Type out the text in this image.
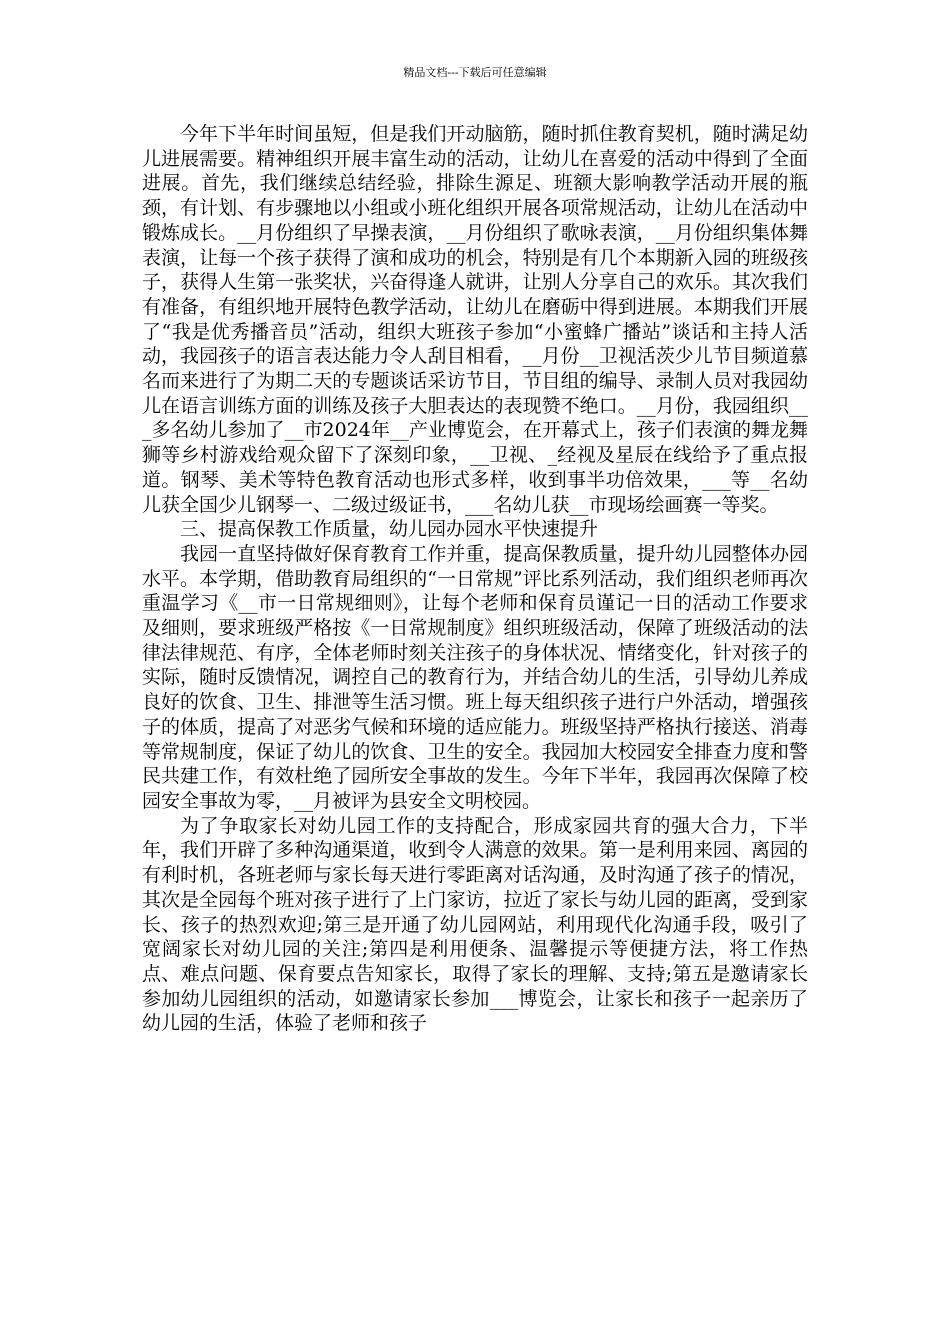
精品文档---下载后可任意编辑

今年下半年时间虽短，但是我们开动脑筋，随时抓住教育契机，随时满足幼儿进展需要。精神组织开展丰富生动的活动，让幼儿在喜爱的活动中得到了全面进展。首先，我们继续总结经验，排除生源足、班额大影响教学活动开展的瓶颈，有计划、有步骤地以小组或小班化组织开展各项常规活动，让幼儿在活动中锻炼成长。__月份组织了早操表演，__月份组织了歌咏表演，__月份组织集体舞表演，让每一个孩子获得了演和成功的机会，特别是有几个本期新入园的班级孩子，获得人生第一张奖状，兴奋得逢人就讲，让别人分享自己的欢乐。其次我们有准备，有组织地开展特色教学活动，让幼儿在磨砺中得到进展。本期我们开展了“我是优秀播音员”活动，组织大班孩子参加“小蜜蜂广播站”谈话和主持人活动，我园孩子的语言表达能力令人刮目相看，__月份__卫视活茨少儿节目频道慕名而来进行了为期二天的专题谈话采访节目，节目组的编导、录制人员对我园幼儿在语言训练方面的训练及孩子大胆表达的表现赞不绝口。__月份，我园组织___多名幼儿参加了__市2024年__产业博览会，在开幕式上，孩子们表演的舞龙舞狮等乡村游戏给观众留下了深刻印象，__卫视、_经视及星辰在线给予了重点报道。钢琴、美术等特色教育活动也形式多样，收到事半功倍效果，___等__名幼儿获全国少儿钢琴一、二级过级证书，___名幼儿获__市现场绘画赛一等奖。

三、提高保教工作质量，幼儿园办园水平快速提升

我园一直坚持做好保育教育工作并重，提高保教质量，提升幼儿园整体办园水平。本学期，借助教育局组织的“一日常规”评比系列活动，我们组织老师再次重温学习《__市一日常规细则》，让每个老师和保育员谨记一日的活动工作要求及细则，要求班级严格按《一日常规制度》组织班级活动，保障了班级活动的法律法律规范、有序，全体老师时刻关注孩子的身体状况、情绪变化，针对孩子的实际，随时反馈情况，调控自己的教育行为，并结合幼儿的生活，引导幼儿养成良好的饮食、卫生、排泄等生活习惯。班上每天组织孩子进行户外活动，增强孩子的体质，提高了对恶劣气候和环境的适应能力。班级坚持严格执行接送、消毒等常规制度，保证了幼儿的饮食、卫生的安全。我园加大校园安全排查力度和警民共建工作，有效杜绝了园所安全事故的发生。今年下半年，我园再次保障了校园安全事故为零，__月被评为县安全文明校园。

为了争取家长对幼儿园工作的支持配合，形成家园共育的强大合力，下半年，我们开辟了多种沟通渠道，收到令人满意的效果。第一是利用来园、离园的有利时机，各班老师与家长每天进行零距离对话沟通，及时沟通了孩子的情况，其次是全园每个班对孩子进行了上门家访，拉近了家长与幼儿园的距离，受到家长、孩子的热烈欢迎;第三是开通了幼儿园网站，利用现代化沟通手段，吸引了宽阔家长对幼儿园的关注;第四是利用便条、温馨提示等便捷方法，将工作热点、难点问题、保育要点告知家长，取得了家长的理解、支持;第五是邀请家长参加幼儿园组织的活动，如邀请家长参加___博览会，让家长和孩子一起亲历了幼儿园的生活，体验了老师和孩子
